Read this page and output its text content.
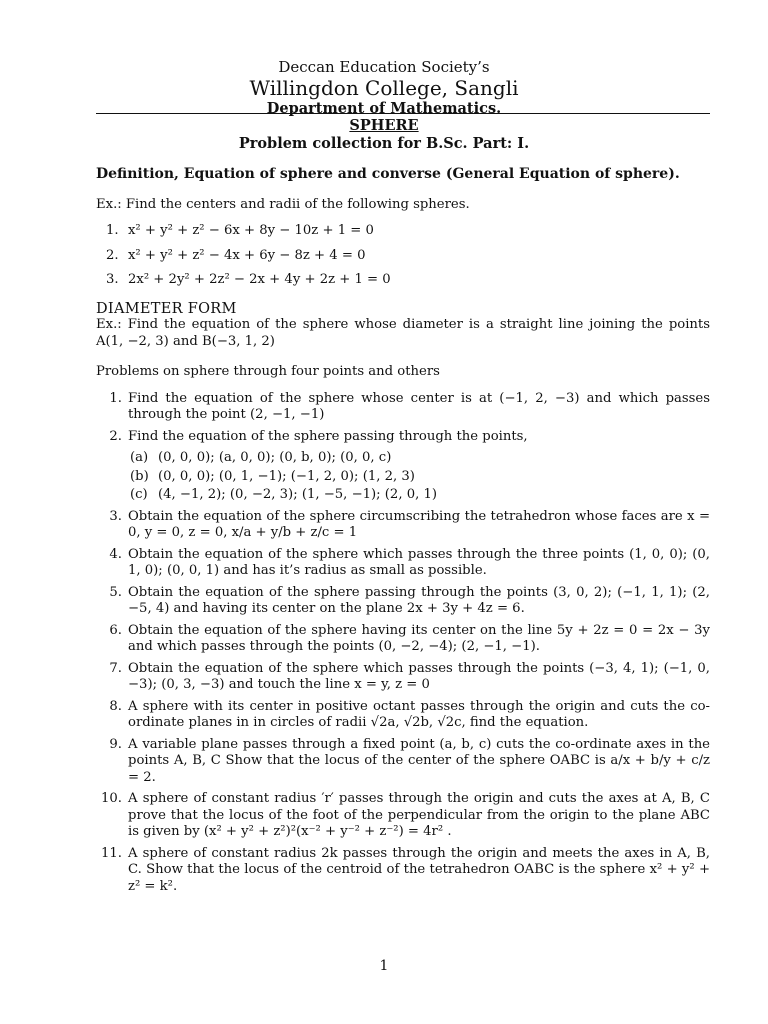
Deccan Education Society’s
Willingdon College, Sangli
Department of Mathematics.
SPHERE
Problem collection for B.Sc. Part: I.
Definition, Equation of sphere and converse (General Equation of sphere).
Ex.: Find the centers and radii of the following spheres.
1. x² + y² + z² − 6x + 8y − 10z + 1 = 0
2. x² + y² + z² − 4x + 6y − 8z + 4 = 0
3. 2x² + 2y² + 2z² − 2x + 4y + 2z + 1 = 0
DIAMETER FORM
Ex.: Find the equation of the sphere whose diameter is a straight line joining the points A(1, −2, 3) and B(−3, 1, 2)
Problems on sphere through four points and others
1. Find the equation of the sphere whose center is at (−1, 2, −3) and which passes through the point (2, −1, −1)
2. Find the equation of the sphere passing through the points,
(a) (0, 0, 0); (a, 0, 0); (0, b, 0); (0, 0, c)
(b) (0, 0, 0); (0, 1, −1); (−1, 2, 0); (1, 2, 3)
(c) (4, −1, 2); (0, −2, 3); (1, −5, −1); (2, 0, 1)
3. Obtain the equation of the sphere circumscribing the tetrahedron whose faces are x = 0, y = 0, z = 0, x/a + y/b + z/c = 1
4. Obtain the equation of the sphere which passes through the three points (1, 0, 0); (0, 1, 0); (0, 0, 1) and has it’s radius as small as possible.
5. Obtain the equation of the sphere passing through the points (3, 0, 2); (−1, 1, 1); (2, −5, 4) and having its center on the plane 2x + 3y + 4z = 6.
6. Obtain the equation of the sphere having its center on the line 5y + 2z = 0 = 2x − 3y and which passes through the points (0, −2, −4); (2, −1, −1).
7. Obtain the equation of the sphere which passes through the points (−3, 4, 1); (−1, 0, −3); (0, 3, −3) and touch the line x = y, z = 0
8. A sphere with its center in positive octant passes through the origin and cuts the co-ordinate planes in in circles of radii √2a, √2b, √2c, find the equation.
9. A variable plane passes through a fixed point (a, b, c) cuts the co-ordinate axes in the points A, B, C Show that the locus of the center of the sphere OABC is a/x + b/y + c/z = 2.
10. A sphere of constant radius ′r′ passes through the origin and cuts the axes at A, B, C prove that the locus of the foot of the perpendicular from the origin to the plane ABC is given by (x² + y² + z²)²(x⁻² + y⁻² + z⁻²) = 4r² .
11. A sphere of constant radius 2k passes through the origin and meets the axes in A, B, C. Show that the locus of the centroid of the tetrahedron OABC is the sphere x² + y² + z² = k².
1
